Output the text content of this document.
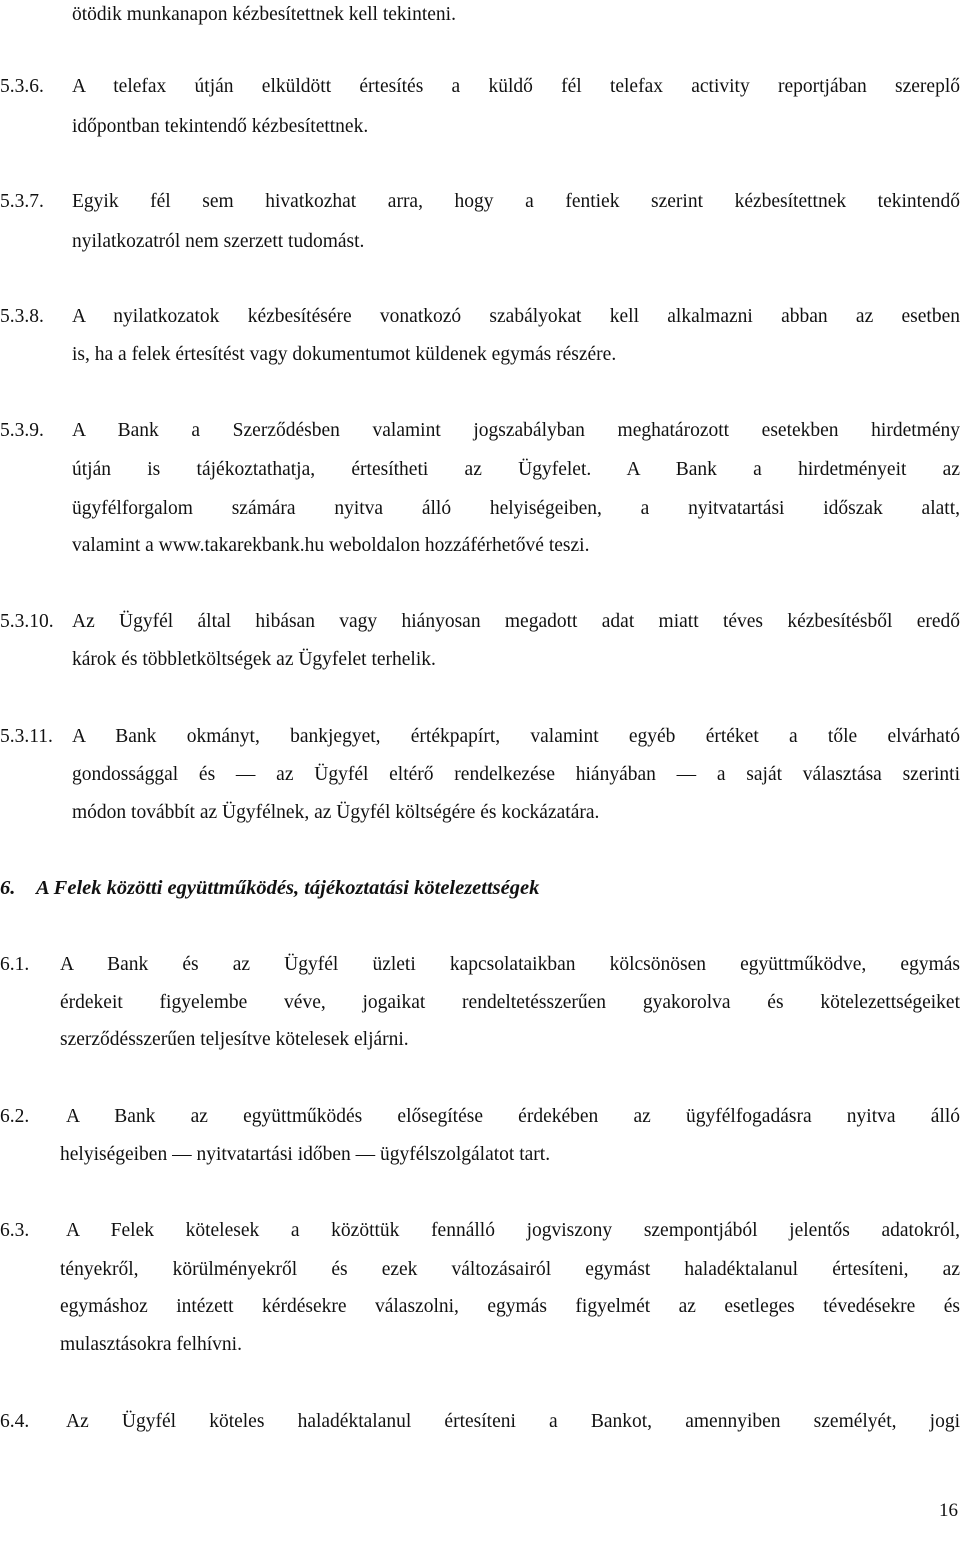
ötödik munkanapon kézbesítettnek kell tekinteni.
5.3.6. A telefax útján elküldött értesítés a küldő fél telefax activity reportjában szereplő
időpontban tekintendő kézbesítettnek.
5.3.7. Egyik fél sem hivatkozhat arra, hogy a fentiek szerint kézbesítettnek tekintendő
nyilatkozatról nem szerzett tudomást.
5.3.8. A nyilatkozatok kézbesítésére vonatkozó szabályokat kell alkalmazni abban az esetben
is, ha a felek értesítést vagy dokumentumot küldenek egymás részére.
5.3.9. A Bank a Szerződésben valamint jogszabályban meghatározott esetekben hirdetmény
útján is tájékoztathatja, értesítheti az Ügyfelet. A Bank a hirdetményeit az
ügyfélforgalom számára nyitva álló helyiségeiben, a nyitvatartási időszak alatt,
valamint a www.takarekbank.hu weboldalon hozzáférhetővé teszi.
5.3.10. Az Ügyfél által hibásan vagy hiányosan megadott adat miatt téves kézbesítésből eredő
károk és többletköltségek az Ügyfelet terhelik.
5.3.11. A Bank okmányt, bankjegyet, értékpapírt, valamint egyéb értéket a tőle elvárható
gondossággal és — az Ügyfél eltérő rendelkezése hiányában — a saját választása szerinti
módon továbbít az Ügyfélnek, az Ügyfél költségére és kockázatára.
6. A Felek közötti együttműködés, tájékoztatási kötelezettségek
6.1. A Bank és az Ügyfél üzleti kapcsolataikban kölcsönösen együttműködve, egymás
érdekeit figyelembe véve, jogaikat rendeltetésszerűen gyakorolva és kötelezettségeiket
szerződésszerűen teljesítve kötelesek eljárni.
6.2. A Bank az együttműködés elősegítése érdekében az ügyfélfogadásra nyitva álló
helyiségeiben — nyitvatartási időben — ügyfélszolgálatot tart.
6.3. A Felek kötelesek a közöttük fennálló jogviszony szempontjából jelentős adatokról,
tényekről, körülményekről és ezek változásairól egymást haladéktalanul értesíteni, az
egymáshoz intézett kérdésekre válaszolni, egymás figyelmét az esetleges tévedésekre és
mulasztásokra felhívni.
6.4. Az Ügyfél köteles haladéktalanul értesíteni a Bankot, amennyiben személyét, jogi
16
